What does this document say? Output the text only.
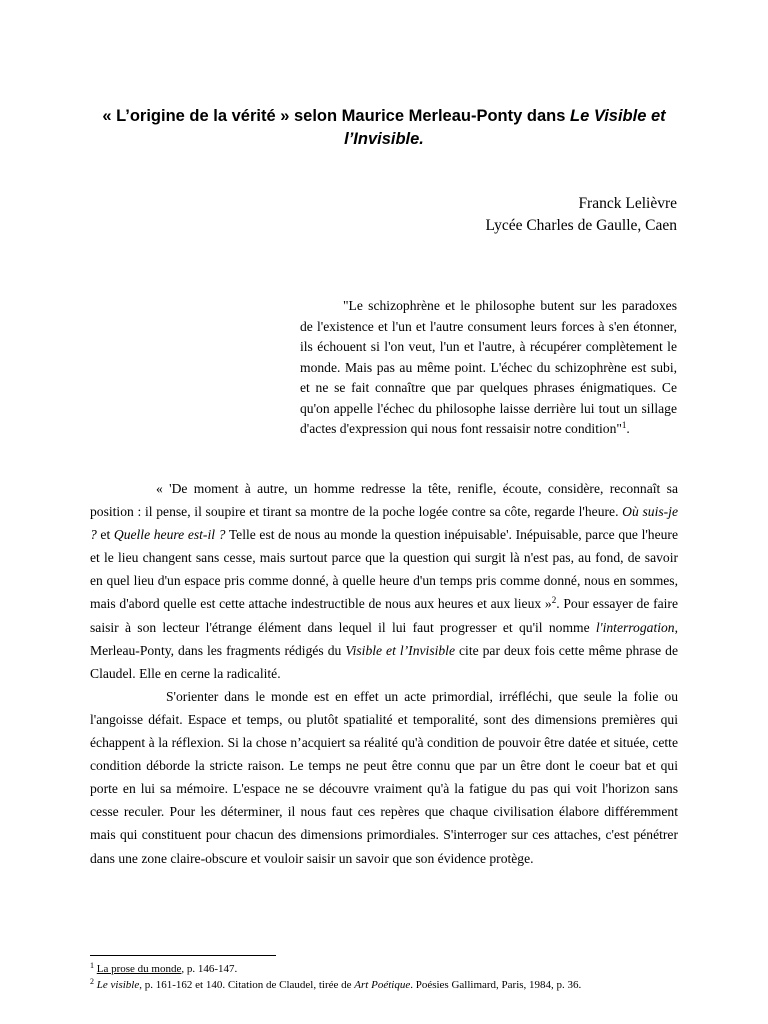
« L’origine de la vérité » selon Maurice Merleau-Ponty dans Le Visible et l’Invisible.
Franck Lelièvre
Lycée Charles de Gaulle, Caen
"Le schizophrène et le philosophe butent sur les paradoxes de l'existence et l'un et l'autre consument leurs forces à s'en étonner, ils échouent si l'on veut, l'un et l'autre, à récupérer complètement le monde. Mais pas au même point. L'échec du schizophrène est subi, et ne se fait connaître que par quelques phrases énigmatiques. Ce qu'on appelle l'échec du philosophe laisse derrière lui tout un sillage d'actes d'expression qui nous font ressaisir notre condition"$^1$.

« 'De moment à autre, un homme redresse la tête, renifle, écoute, considère, reconnaît sa position : il pense, il soupire et tirant sa montre de la poche logée contre sa côte, regarde l'heure. Où suis-je ? et Quelle heure est-il ? Telle est de nous au monde la question inépuisable'. Inépuisable, parce que l'heure et le lieu changent sans cesse, mais surtout parce que la question qui surgit là n'est pas, au fond, de savoir en quel lieu d'un espace pris comme donné, à quelle heure d'un temps pris comme donné, nous en sommes, mais d'abord quelle est cette attache indestructible de nous aux heures et aux lieux »$^2$. Pour essayer de faire saisir à son lecteur l'étrange élément dans lequel il lui faut progresser et qu'il nomme l'interrogation, Merleau-Ponty, dans les fragments rédigés du Visible et l’Invisible cite par deux fois cette même phrase de Claudel. Elle en cerne la radicalité.

S'orienter dans le monde est en effet un acte primordial, irréfléchi, que seule la folie ou l'angoisse défait. Espace et temps, ou plutôt spatialité et temporalité, sont des dimensions premières qui échappent à la réflexion. Si la chose n’acquiert sa réalité qu'à condition de pouvoir être datée et située, cette condition déborde la stricte raison. Le temps ne peut être connu que par un être dont le coeur bat et qui porte en lui sa mémoire. L'espace ne se découvre vraiment qu'à la fatigue du pas qui voit l'horizon sans cesse reculer. Pour les déterminer, il nous faut ces repères que chaque civilisation élabore différemment mais qui constituent pour chacun des dimensions primordiales. S'interroger sur ces attaches, c'est pénétrer dans une zone claire-obscure et vouloir saisir un savoir que son évidence protège.

$^1$ La prose du monde, p. 146-147.
$^2$ Le visible, p. 161-162 et 140. Citation de Claudel, tirée de Art Poétique. Poésies Gallimard, Paris, 1984, p. 36.
